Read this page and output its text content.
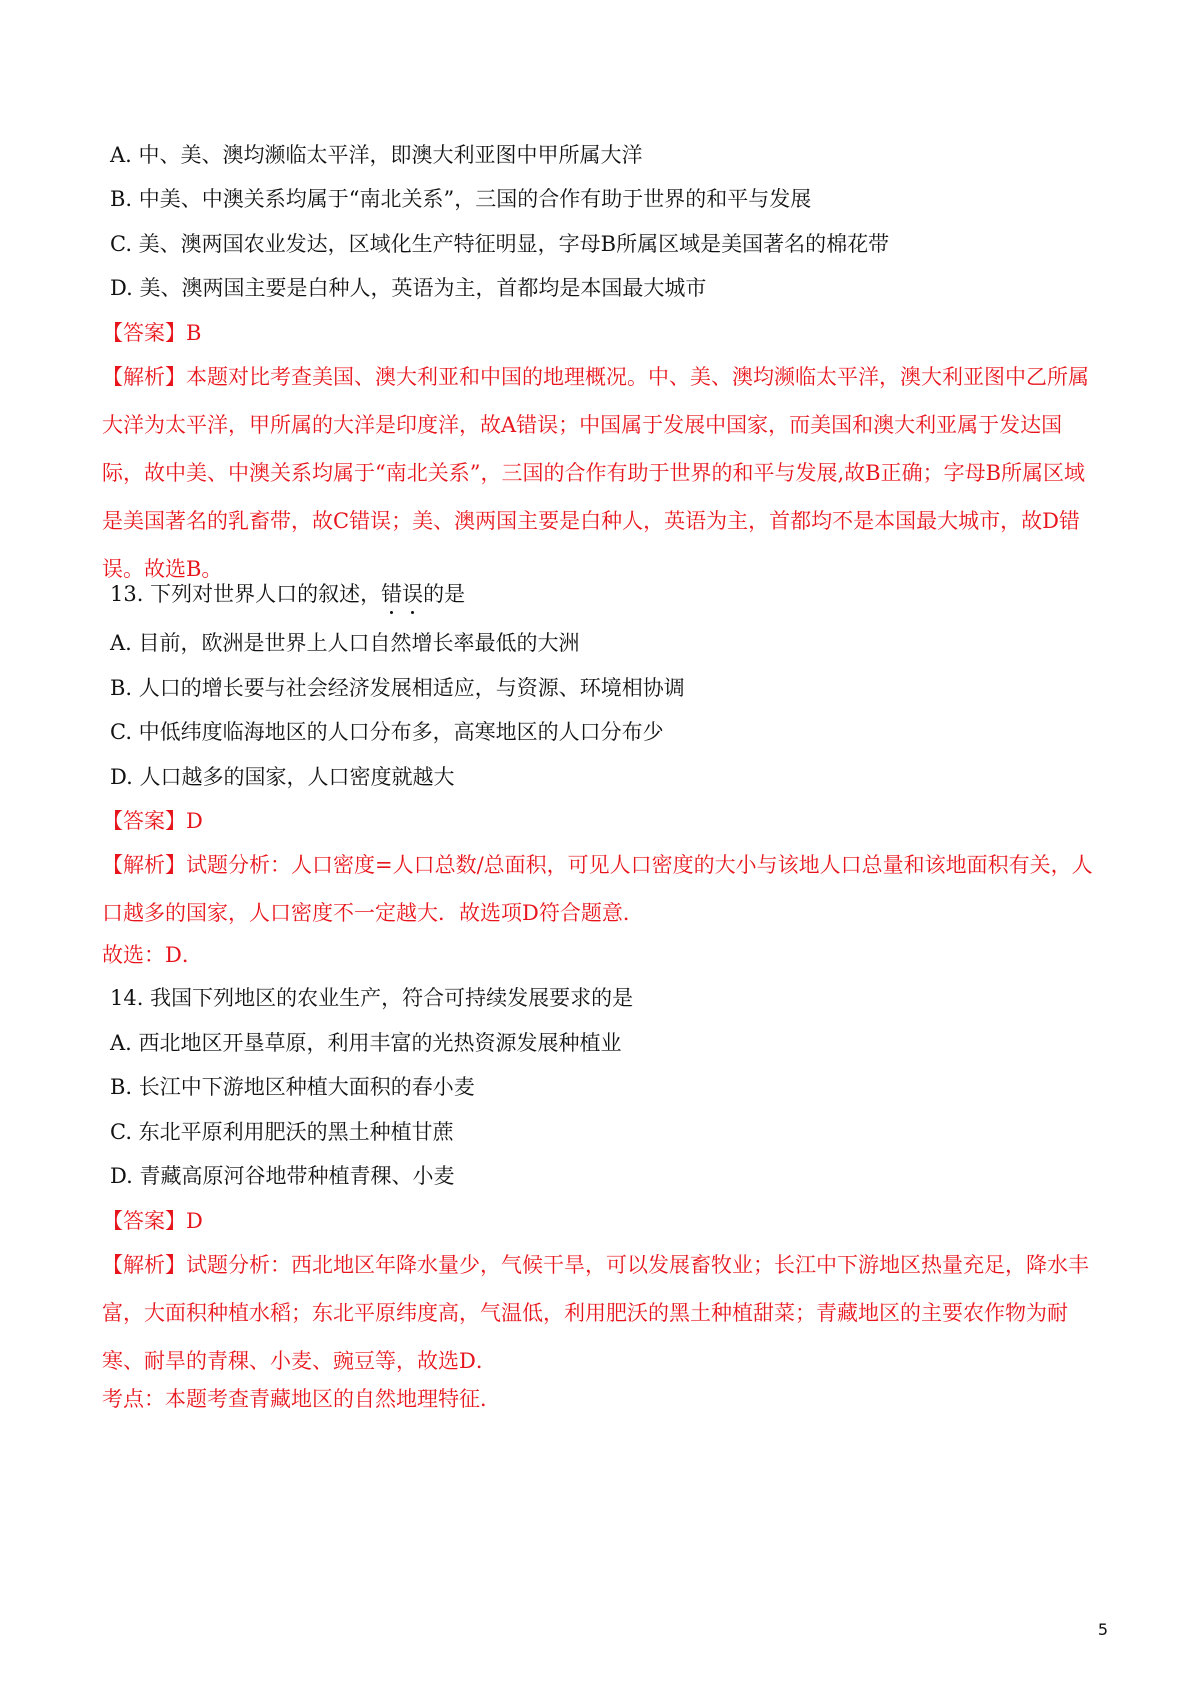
A. 中、美、澳均濒临太平洋，即澳大利亚图中甲所属大洋
B. 中美、中澳关系均属于“南北关系”，三国的合作有助于世界的和平与发展
C. 美、澳两国农业发达，区域化生产特征明显，字母B所属区域是美国著名的棉花带
D. 美、澳两国主要是白种人，英语为主，首都均是本国最大城市
【答案】B
【解析】本题对比考查美国、澳大利亚和中国的地理概况。中、美、澳均濒临太平洋，澳大利亚图中乙所属大洋为太平洋，甲所属的大洋是印度洋，故A错误；中国属于发展中国家，而美国和澳大利亚属于发达国际，故中美、中澳关系均属于“南北关系”，三国的合作有助于世界的和平与发展,故B正确；字母B所属区域是美国著名的乳畜带，故C错误；美、澳两国主要是白种人，英语为主，首都均不是本国最大城市，故D错误。故选B。
13. 下列对世界人口的叙述，错误的是
A. 目前，欧洲是世界上人口自然增长率最低的大洲
B. 人口的增长要与社会经济发展相适应，与资源、环境相协调
C. 中低纬度临海地区的人口分布多，高寒地区的人口分布少
D. 人口越多的国家，人口密度就越大
【答案】D
【解析】试题分析：人口密度=人口总数/总面积，可见人口密度的大小与该地人口总量和该地面积有关，人口越多的国家，人口密度不一定越大．故选项D符合题意．
故选：D．
14. 我国下列地区的农业生产，符合可持续发展要求的是
A. 西北地区开垦草原，利用丰富的光热资源发展种植业
B. 长江中下游地区种植大面积的春小麦
C. 东北平原利用肥沃的黑土种植甘蔗
D. 青藏高原河谷地带种植青稞、小麦
【答案】D
【解析】试题分析：西北地区年降水量少，气候干旱，可以发展畜牧业；长江中下游地区热量充足，降水丰富，大面积种植水稻；东北平原纬度高，气温低，利用肥沃的黑土种植甜菜；青藏地区的主要农作物为耐寒、耐旱的青稞、小麦、豌豆等，故选D．
考点：本题考查青藏地区的自然地理特征．
5
